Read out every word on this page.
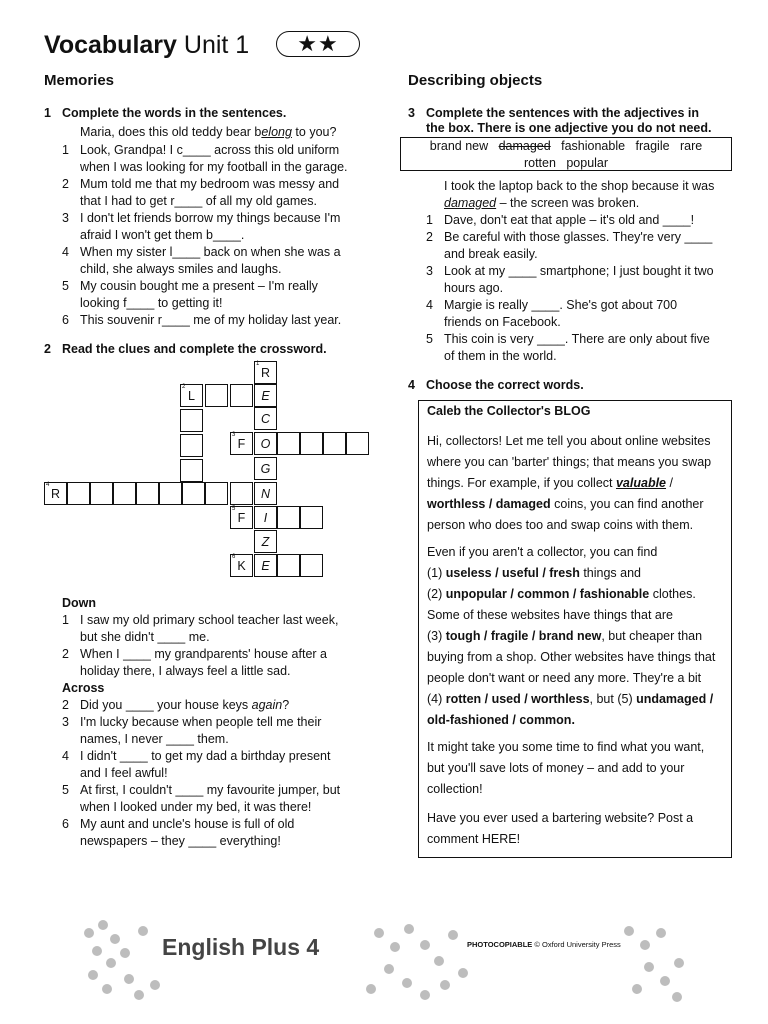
Vocabulary Unit 1	★★
Memories
1 Complete the words in the sentences.
Maria, does this old teddy bear belong to you?
1 Look, Grandpa! I c____ across this old uniform
when I was looking for my football in the garage.
2 Mum told me that my bedroom was messy and
that I had to get r____ of all my old games.
3 I don't let friends borrow my things because I'm
afraid I won't get them b____.
4 When my sister l____ back on when she was a
child, she always smiles and laughs.
5 My cousin bought me a present – I'm really
looking f____ to getting it!
6 This souvenir r____ me of my holiday last year.
2 Read the clues and complete the crossword.
1
R
E
C
O
G
N
I
Z
E
2
L
3
F
4
R
5
F
6
K
Down
1 I saw my old primary school teacher last week,
but she didn't ____ me.
2 When I ____ my grandparents' house after a
holiday there, I always feel a little sad.
Across
2 Did you ____ your house keys again?
3 I'm lucky because when people tell me their
names, I never ____ them.
4 I didn't ____ to get my dad a birthday present
and I feel awful!
5 At first, I couldn't ____ my favourite jumper, but
when I looked under my bed, it was there!
6 My aunt and uncle's house is full of old
newspapers – they ____ everything!
Describing objects
3 Complete the sentences with the adjectives in
the box. There is one adjective you do not need.
brand new damaged fashionable fragile rare
rotten popular
I took the laptop back to the shop because it was
damaged – the screen was broken.
1 Dave, don't eat that apple – it's old and ____!
2 Be careful with those glasses. They're very ____
and break easily.
3 Look at my ____ smartphone; I just bought it two
hours ago.
4 Margie is really ____. She's got about 700
friends on Facebook.
5 This coin is very ____. There are only about five
of them in the world.
4 Choose the correct words.
Caleb the Collector's BLOG
Hi, collectors! Let me tell you about online websites
where you can 'barter' things; that means you swap
things. For example, if you collect valuable /
worthless / damaged coins, you can find another
person who does too and swap coins with them.
Even if you aren't a collector, you can find
(1) useless / useful / fresh things and
(2) unpopular / common / fashionable clothes.
Some of these websites have things that are
(3) tough / fragile / brand new, but cheaper than
buying from a shop. Other websites have things that
people don't want or need any more. They're a bit
(4) rotten / used / worthless, but (5) undamaged /
old-fashioned / common.
It might take you some time to find what you want,
but you'll save lots of money – and add to your
collection!
Have you ever used a bartering website? Post a
comment HERE!
English Plus 4	PHOTOCOPIABLE © Oxford University Press
